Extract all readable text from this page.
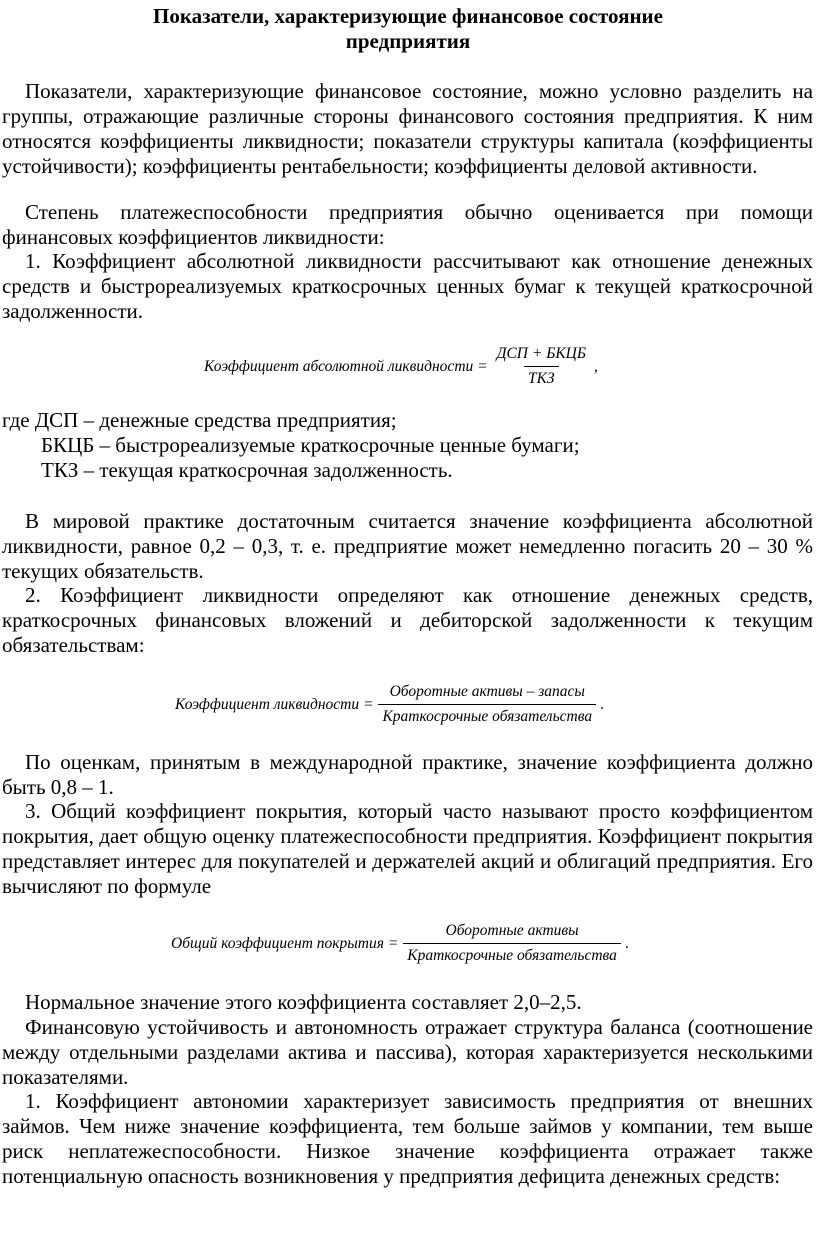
Показатели, характеризующие финансовое состояние
предприятия

Показатели, характеризующие финансовое состояние, можно условно разделить на группы, отражающие различные стороны финансового состояния предприятия. К ним относятся коэффициенты ликвидности; показатели структуры капитала (коэффициенты устойчивости); коэффициенты рентабельности; коэффициенты деловой активности.

Степень платежеспособности предприятия обычно оценивается при помощи финансовых коэффициентов ликвидности:

1. Коэффициент абсолютной ликвидности рассчитывают как отношение денежных средств и быстрореализуемых краткосрочных ценных бумаг к текущей краткосрочной задолженности.

Коэффициент абсолютной ликвидности = $\frac{\text{ДСП + БКЦБ}}{\text{ТКЗ}}$ ,
где ДСП – денежные средства предприятия;
БКЦБ – быстрореализуемые краткосрочные ценные бумаги;
ТКЗ – текущая краткосрочная задолженность.

В мировой практике достаточным считается значение коэффициента абсолютной ликвидности, равное 0,2 – 0,3, т. е. предприятие может немедленно погасить 20 – 30 % текущих обязательств.

2. Коэффициент ликвидности определяют как отношение денежных средств, краткосрочных финансовых вложений и дебиторской задолженности к текущим обязательствам:

Коэффициент ликвидности = $\frac{\text{Оборотные активы – запасы}}{\text{Краткосрочные обязательства}}$ .

По оценкам, принятым в международной практике, значение коэффициента должно быть 0,8 – 1.

3. Общий коэффициент покрытия, который часто называют просто коэффициентом покрытия, дает общую оценку платежеспособности предприятия. Коэффициент покрытия представляет интерес для покупателей и держателей акций и облигаций предприятия. Его вычисляют по формуле

Общий коэффициент покрытия = $\frac{\text{Оборотные активы}}{\text{Краткосрочные обязательства}}$ .

Нормальное значение этого коэффициента составляет 2,0–2,5.

Финансовую устойчивость и автономность отражает структура баланса (соотношение между отдельными разделами актива и пассива), которая характеризуется несколькими показателями.

1. Коэффициент автономии характеризует зависимость предприятия от внешних займов. Чем ниже значение коэффициента, тем больше займов у компании, тем выше риск неплатежеспособности. Низкое значение коэффициента отражает также потенциальную опасность возникновения у предприятия дефицита денежных средств:
